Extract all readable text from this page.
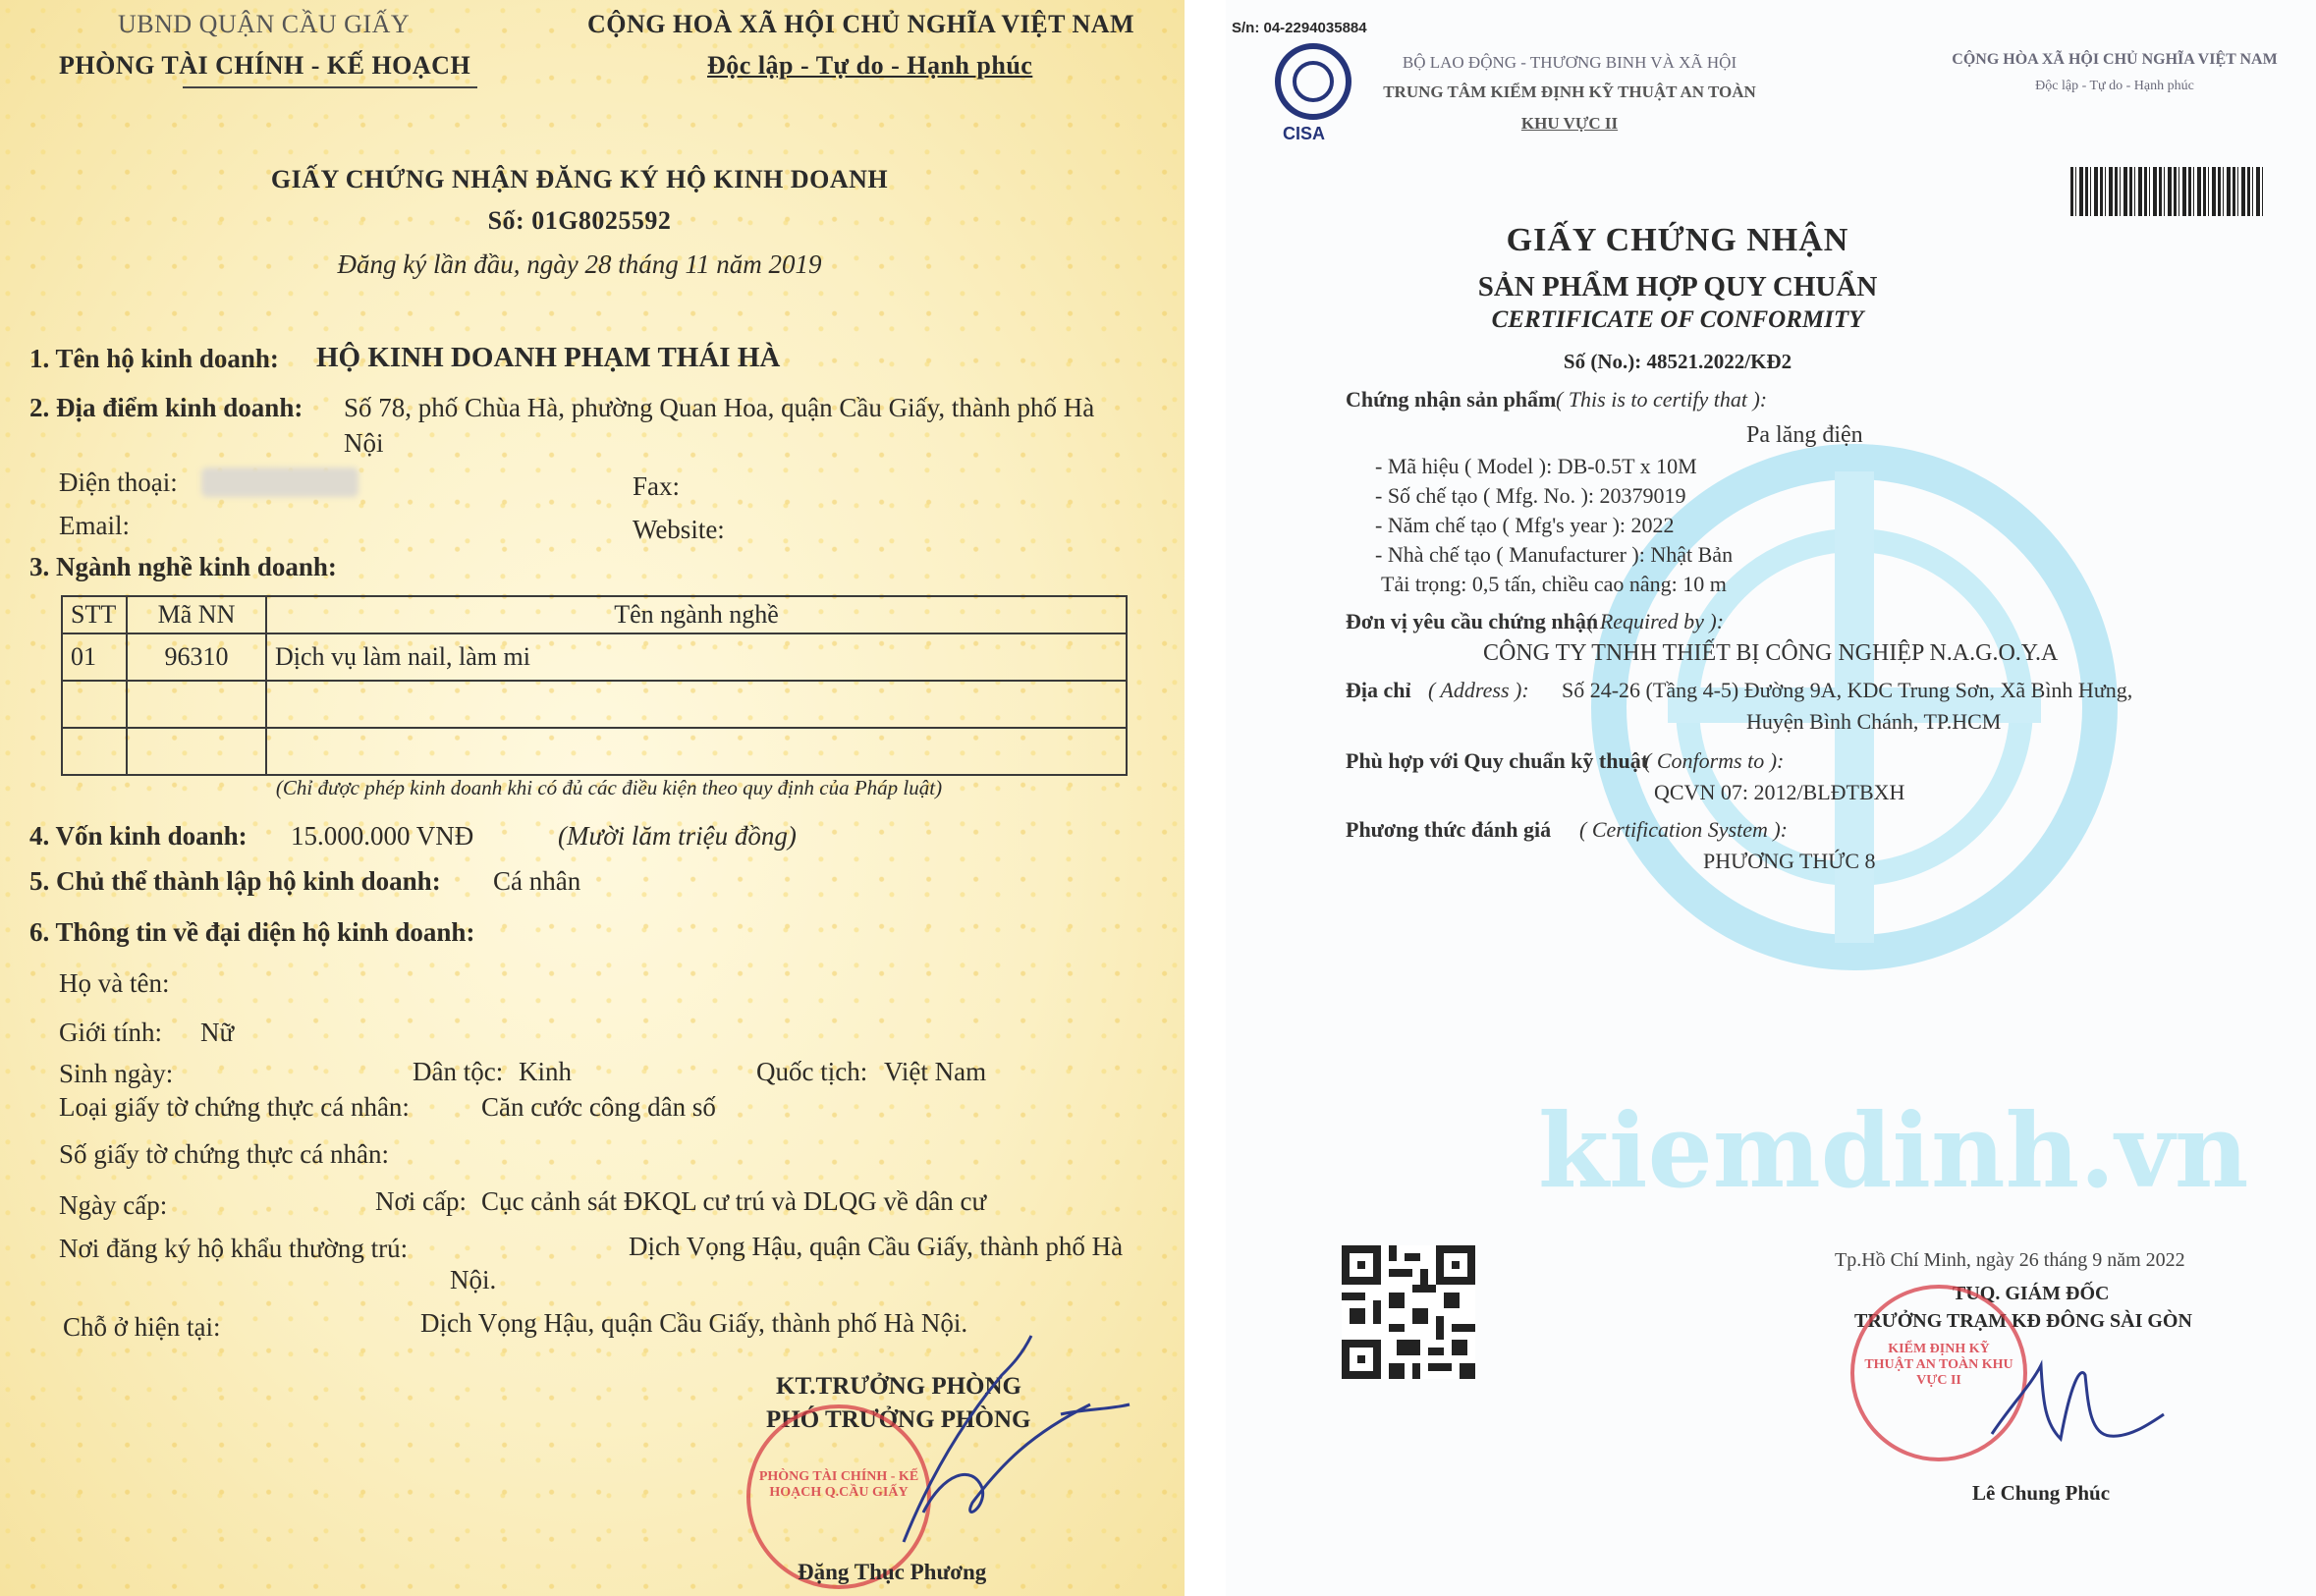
UBND QUẬN CẦU GIẤY
PHÒNG TÀI CHÍNH - KẾ HOẠCH
CỘNG HOÀ XÃ HỘI CHỦ NGHĨA VIỆT NAM
Độc lập - Tự do - Hạnh phúc
GIẤY CHỨNG NHẬN ĐĂNG KÝ HỘ KINH DOANH
Số: 01G8025592
Đăng ký lần đầu, ngày 28 tháng 11 năm 2019
1. Tên hộ kinh doanh: HỘ KINH DOANH PHẠM THÁI HÀ
2. Địa điểm kinh doanh: Số 78, phố Chùa Hà, phường Quan Hoa, quận Cầu Giấy, thành phố Hà
Nội
Điện thoại:	Fax:
Email:	Website:
3. Ngành nghề kinh doanh:
STT	Mã NN	Tên ngành nghề
01	96310	Dịch vụ làm nail, làm mi

(Chỉ được phép kinh doanh khi có đủ các điều kiện theo quy định của Pháp luật)
4. Vốn kinh doanh: 15.000.000 VNĐ	(Mười lăm triệu đồng)
5. Chủ thể thành lập hộ kinh doanh: Cá nhân
6. Thông tin về đại diện hộ kinh doanh:
Họ và tên:
Giới tính: Nữ
Sinh ngày:	Dân tộc: Kinh	Quốc tịch: Việt Nam
Loại giấy tờ chứng thực cá nhân:	Căn cước công dân số
Số giấy tờ chứng thực cá nhân:
Ngày cấp:	Nơi cấp: Cục cảnh sát ĐKQL cư trú và DLQG về dân cư
Nơi đăng ký hộ khẩu thường trú:	Dịch Vọng Hậu, quận Cầu Giấy, thành phố Hà
Nội.
Chỗ ở hiện tại:	Dịch Vọng Hậu, quận Cầu Giấy, thành phố Hà Nội.
KT.TRƯỞNG PHÒNG
PHÓ TRƯỞNG PHÒNG
PHÒNG TÀI CHÍNH - KẾ HOẠCH Q.CẦU GIẤY
Đặng Thục Phương
kiemdinh.vn
S/n: 04-2294035884
CISA
BỘ LAO ĐỘNG - THƯƠNG BINH VÀ XÃ HỘI
TRUNG TÂM KIỂM ĐỊNH KỸ THUẬT AN TOÀN
KHU VỰC II
CỘNG HÒA XÃ HỘI CHỦ NGHĨA VIỆT NAM
Độc lập - Tự do - Hạnh phúc
GIẤY CHỨNG NHẬN
SẢN PHẨM HỢP QUY CHUẨN
CERTIFICATE OF CONFORMITY
Số (No.): 48521.2022/KĐ2
Chứng nhận sản phẩm ( This is to certify that ):
Pa lăng điện
- Mã hiệu ( Model ): DB-0.5T x 10M
- Số chế tạo ( Mfg. No. ): 20379019
- Năm chế tạo ( Mfg's year ): 2022
- Nhà chế tạo ( Manufacturer ): Nhật Bản
Tải trọng: 0,5 tấn, chiều cao nâng: 10 m
Đơn vị yêu cầu chứng nhận
( Required by ):
CÔNG TY TNHH THIẾT BỊ CÔNG NGHIỆP N.A.G.O.Y.A
Địa chỉ ( Address ): Số 24-26 (Tầng 4-5) Đường 9A, KDC Trung Sơn, Xã Bình Hưng,
Huyện Bình Chánh, TP.HCM
Phù hợp với Quy chuẩn kỹ thuật
( Conforms to ):
QCVN 07: 2012/BLĐTBXH
Phương thức đánh giá ( Certification System ):
PHƯƠNG THỨC 8
Tp.Hồ Chí Minh, ngày 26 tháng 9 năm 2022
TUQ. GIÁM ĐỐC
TRƯỞNG TRẠM KĐ ĐÔNG SÀI GÒN
KIỂM ĐỊNH KỸ THUẬT AN TOÀN KHU VỰC II
Lê Chung Phúc
